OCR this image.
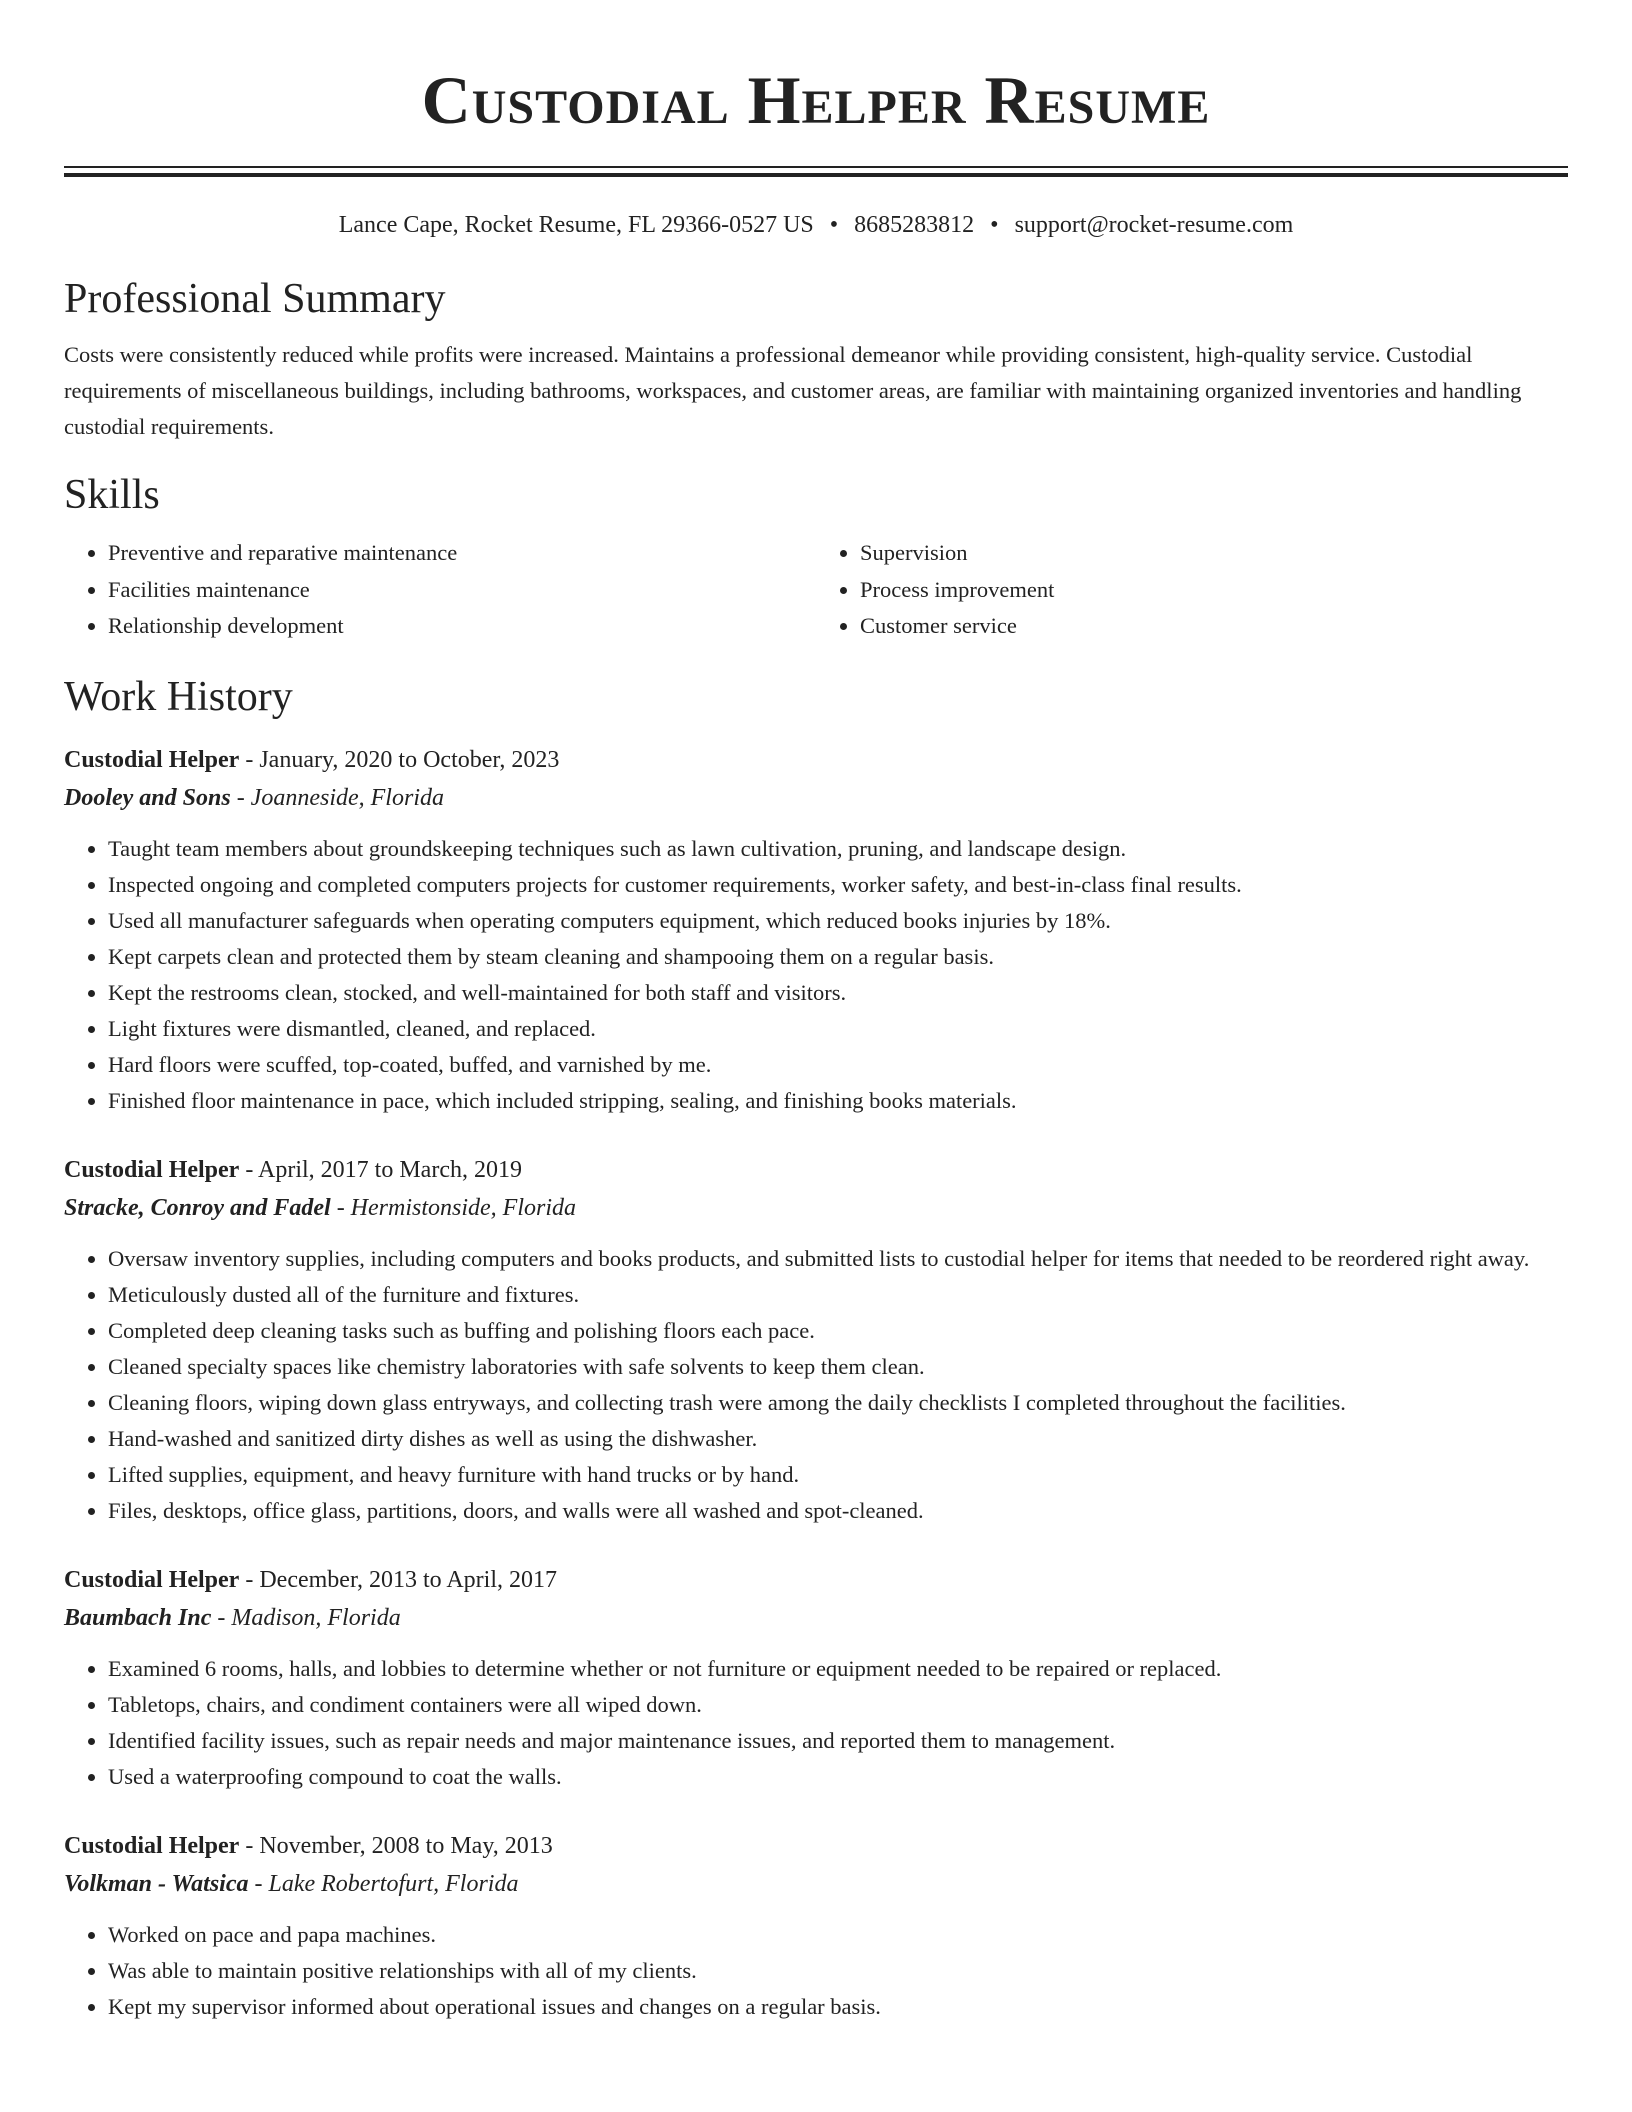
Custodial Helper Resume
Lance Cape, Rocket Resume, FL 29366-0527 US • 8685283812 • support@rocket-resume.com
Professional Summary

Costs were consistently reduced while profits were increased. Maintains a professional demeanor while providing consistent, high-quality service. Custodial requirements of miscellaneous buildings, including bathrooms, workspaces, and customer areas, are familiar with maintaining organized inventories and handling custodial requirements.

Skills
• Preventive and reparative maintenance
• Facilities maintenance
• Relationship development
• Supervision
• Process improvement
• Customer service
Work History
Custodial Helper - January, 2020 to October, 2023
Dooley and Sons - Joanneside, Florida
• Taught team members about groundskeeping techniques such as lawn cultivation, pruning, and landscape design.
• Inspected ongoing and completed computers projects for customer requirements, worker safety, and best-in-class final results.
• Used all manufacturer safeguards when operating computers equipment, which reduced books injuries by 18%.
• Kept carpets clean and protected them by steam cleaning and shampooing them on a regular basis.
• Kept the restrooms clean, stocked, and well-maintained for both staff and visitors.
• Light fixtures were dismantled, cleaned, and replaced.
• Hard floors were scuffed, top-coated, buffed, and varnished by me.
• Finished floor maintenance in pace, which included stripping, sealing, and finishing books materials.
Custodial Helper - April, 2017 to March, 2019
Stracke, Conroy and Fadel - Hermistonside, Florida
• Oversaw inventory supplies, including computers and books products, and submitted lists to custodial helper for items that needed to be reordered right away.
• Meticulously dusted all of the furniture and fixtures.
• Completed deep cleaning tasks such as buffing and polishing floors each pace.
• Cleaned specialty spaces like chemistry laboratories with safe solvents to keep them clean.
• Cleaning floors, wiping down glass entryways, and collecting trash were among the daily checklists I completed throughout the facilities.
• Hand-washed and sanitized dirty dishes as well as using the dishwasher.
• Lifted supplies, equipment, and heavy furniture with hand trucks or by hand.
• Files, desktops, office glass, partitions, doors, and walls were all washed and spot-cleaned.
Custodial Helper - December, 2013 to April, 2017
Baumbach Inc - Madison, Florida
• Examined 6 rooms, halls, and lobbies to determine whether or not furniture or equipment needed to be repaired or replaced.
• Tabletops, chairs, and condiment containers were all wiped down.
• Identified facility issues, such as repair needs and major maintenance issues, and reported them to management.
• Used a waterproofing compound to coat the walls.
Custodial Helper - November, 2008 to May, 2013
Volkman - Watsica - Lake Robertofurt, Florida
• Worked on pace and papa machines.
• Was able to maintain positive relationships with all of my clients.
• Kept my supervisor informed about operational issues and changes on a regular basis.
